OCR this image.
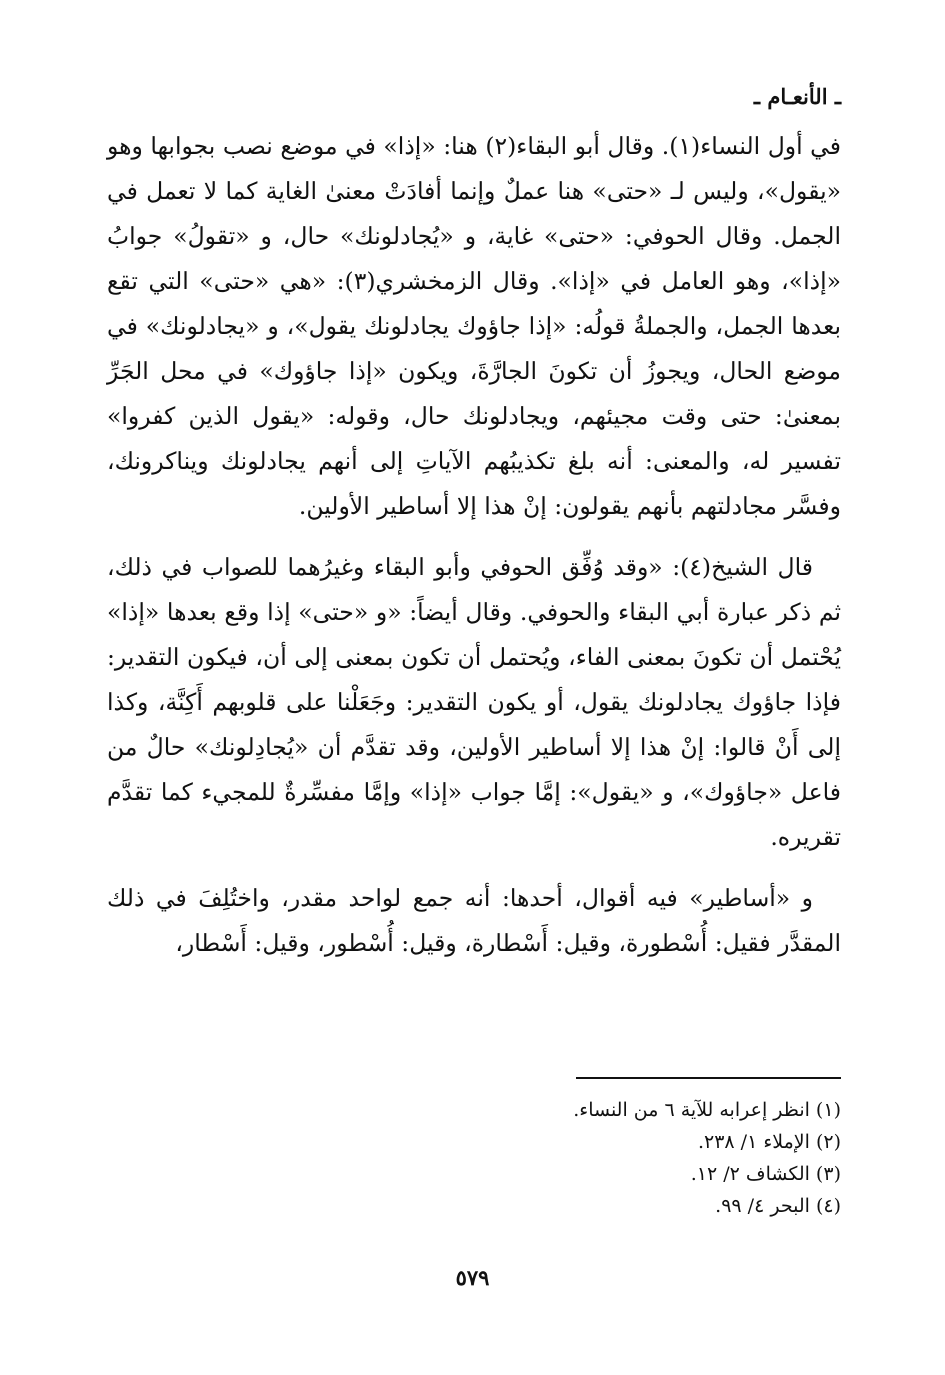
ـ الأنعـام ـ

في أول النساء(١). وقال أبو البقاء(٢) هنا: «إذا» في موضع نصب بجوابها وهو «يقول»، وليس لـ «حتى» هنا عملٌ وإنما أفادَتْ معنىٰ الغاية كما لا تعمل في الجمل. وقال الحوفي: «حتى» غاية، و «يُجادلونك» حال، و «تقولُ» جوابُ «إذا»، وهو العامل في «إذا». وقال الزمخشري(٣): «هي «حتى» التي تقع بعدها الجمل، والجملةُ قولُه: «إذا جاؤوك يجادلونك يقول»، و «يجادلونك» في موضع الحال، ويجوزُ أن تكونَ الجارَّةَ، ويكون «إذا جاؤوك» في محل الجَرِّ بمعنىٰ: حتى وقت مجيئهم، ويجادلونك حال، وقوله: «يقول الذين كفروا» تفسير له، والمعنى: أنه بلغ تكذيبُهم الآياتِ إلى أنهم يجادلونك ويناكرونك، وفسَّر مجادلتهم بأنهم يقولون: إنْ هذا إلا أساطير الأولين.

قال الشيخ(٤): «وقد وُفِّق الحوفي وأبو البقاء وغيرُهما للصواب في ذلك، ثم ذكر عبارة أبي البقاء والحوفي. وقال أيضاً: «و «حتى» إذا وقع بعدها «إذا» يُحْتمل أن تكونَ بمعنى الفاء، ويُحتمل أن تكون بمعنى إلى أن، فيكون التقدير: فإذا جاؤوك يجادلونك يقول، أو يكون التقدير: وجَعَلْنا على قلوبهم أَكِنَّة، وكذا إلى أَنْ قالوا: إنْ هذا إلا أساطير الأولين، وقد تقدَّم أن «يُجادِلونك» حالٌ من فاعل «جاؤوك»، و «يقول»: إمَّا جواب «إذا» وإمَّا مفسِّرةٌ للمجيء كما تقدَّم تقريره.

و «أساطير» فيه أقوال، أحدها: أنه جمع لواحد مقدر، واختُلِفَ في ذلك المقدَّر فقيل: أُسْطورة، وقيل: أَسْطارة، وقيل: أُسْطور، وقيل: أَسْطار،

(١) انظر إعرابه للآية ٦ من النساء.
(٢) الإملاء ١/ ٢٣٨.
(٣) الكشاف ٢/ ١٢.
(٤) البحر ٤/ ٩٩.
٥٧٩
